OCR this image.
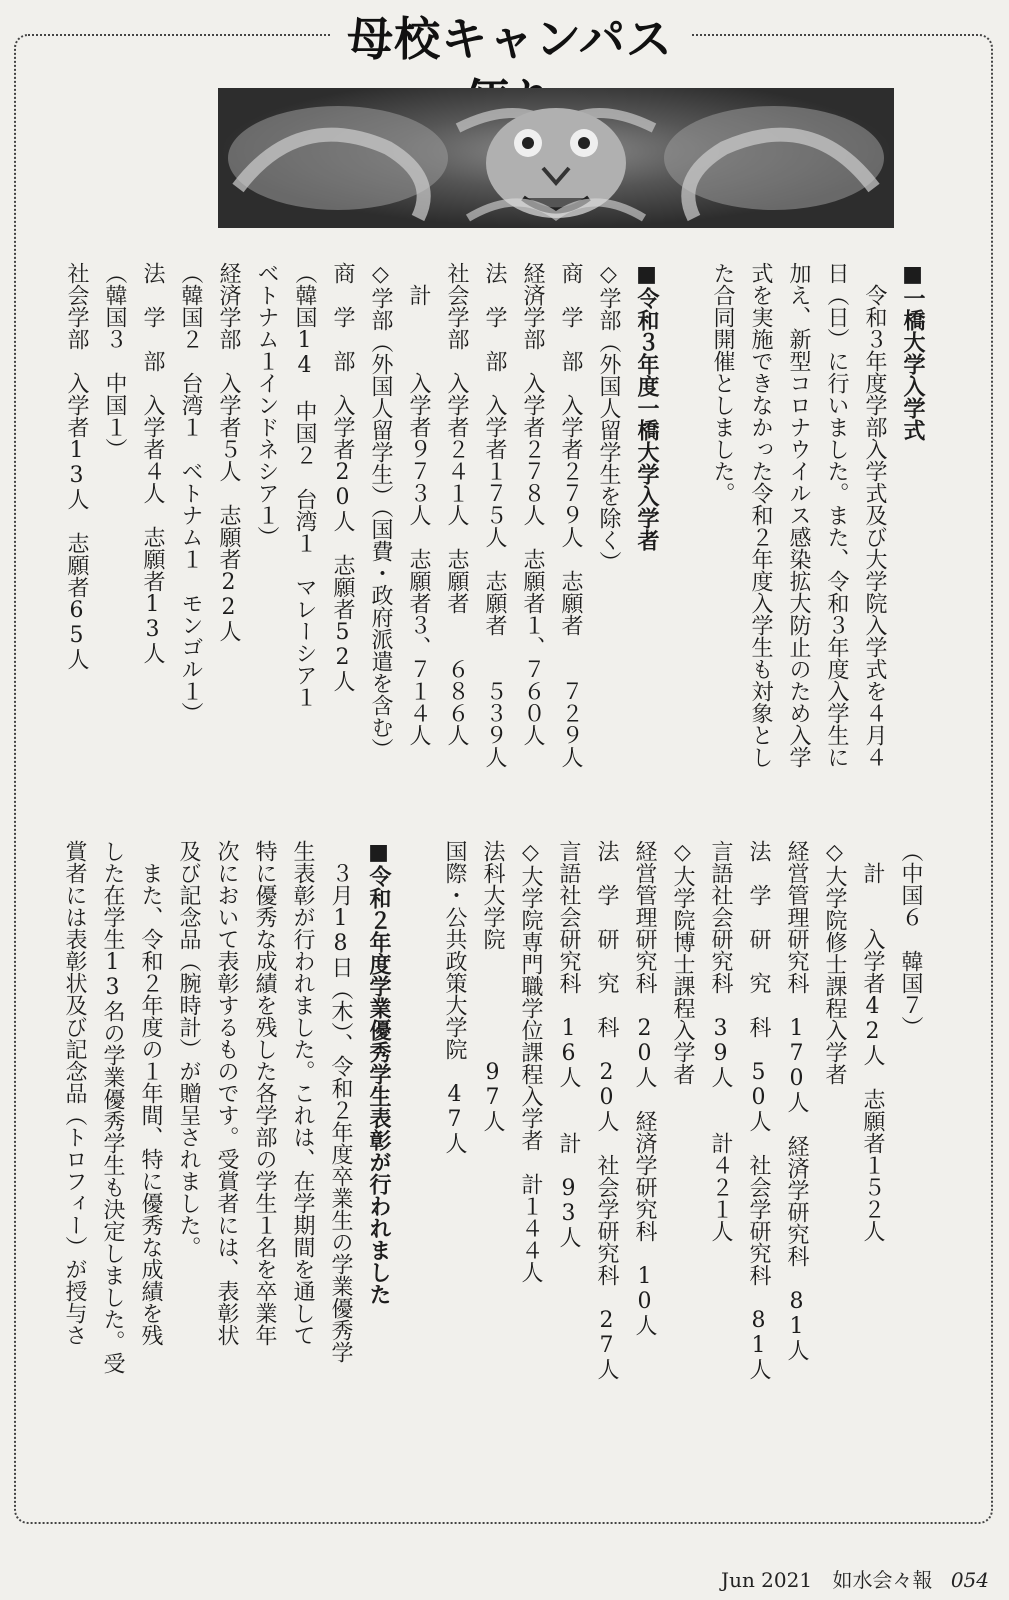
母校キャンパス
■一橋大学入学式
　令和３年度学部入学式及び大学院入学式を４月４
日（日）に行いました。また、令和３年度入学生に
加え、新型コロナウイルス感染拡大防止のため入学
式を実施できなかった令和２年度入学生も対象とし
た合同開催としました。

■令和３年度一橋大学入学者
◇学部（外国人留学生を除く）
商　学　部　入学者２７９人　志願者　　７２９人
経済学部　入学者２７８人　志願者１、７６０人
法　学　部　入学者１７５人　志願者　　５３９人
社会学部　入学者２４１人　志願者　　６８６人
　計　　　入学者９７３人　志願者３、７１４人
◇学部（外国人留学生）（国費・政府派遣を含む）
商　学　部　入学者20人　志願者52人
（韓国14　中国２　台湾１　マレーシア１
ベトナム１インドネシア１）
経済学部　入学者５人　志願者22人
（韓国２　台湾１　ベトナム１　モンゴル１）
法　学　部　入学者４人　志願者13人
（韓国３　中国１）
社会学部　入学者13人　志願者65人
（中国６　韓国７）
　計　　入学者42人　志願者１５２人
◇大学院修士課程入学者
経営管理研究科　170人　経済学研究科　81人
法　学　研　究　科　50人　社会学研究科　81人
言語社会研究科　39人　　計４２１人
◇大学院博士課程入学者
経営管理研究科　20人　経済学研究科　10人
法　学　研　究　科　20人　社会学研究科　27人
言語社会研究科　16人　　計　93人
◇大学院専門職学位課程入学者　計１４４人
法科大学院　　　　　97人
国際・公共政策大学院　47人

■令和２年度学業優秀学生表彰が行われました
　３月18日（木）、令和２年度卒業生の学業優秀学
生表彰が行われました。これは、在学期間を通して
特に優秀な成績を残した各学部の学生１名を卒業年
次において表彰するものです。受賞者には、表彰状
及び記念品（腕時計）が贈呈されました。
　また、令和２年度の１年間、特に優秀な成績を残
した在学生13名の学業優秀学生も決定しました。受
賞者には表彰状及び記念品（トロフィー）が授与さ
Jun 2021 如水会々報 054
